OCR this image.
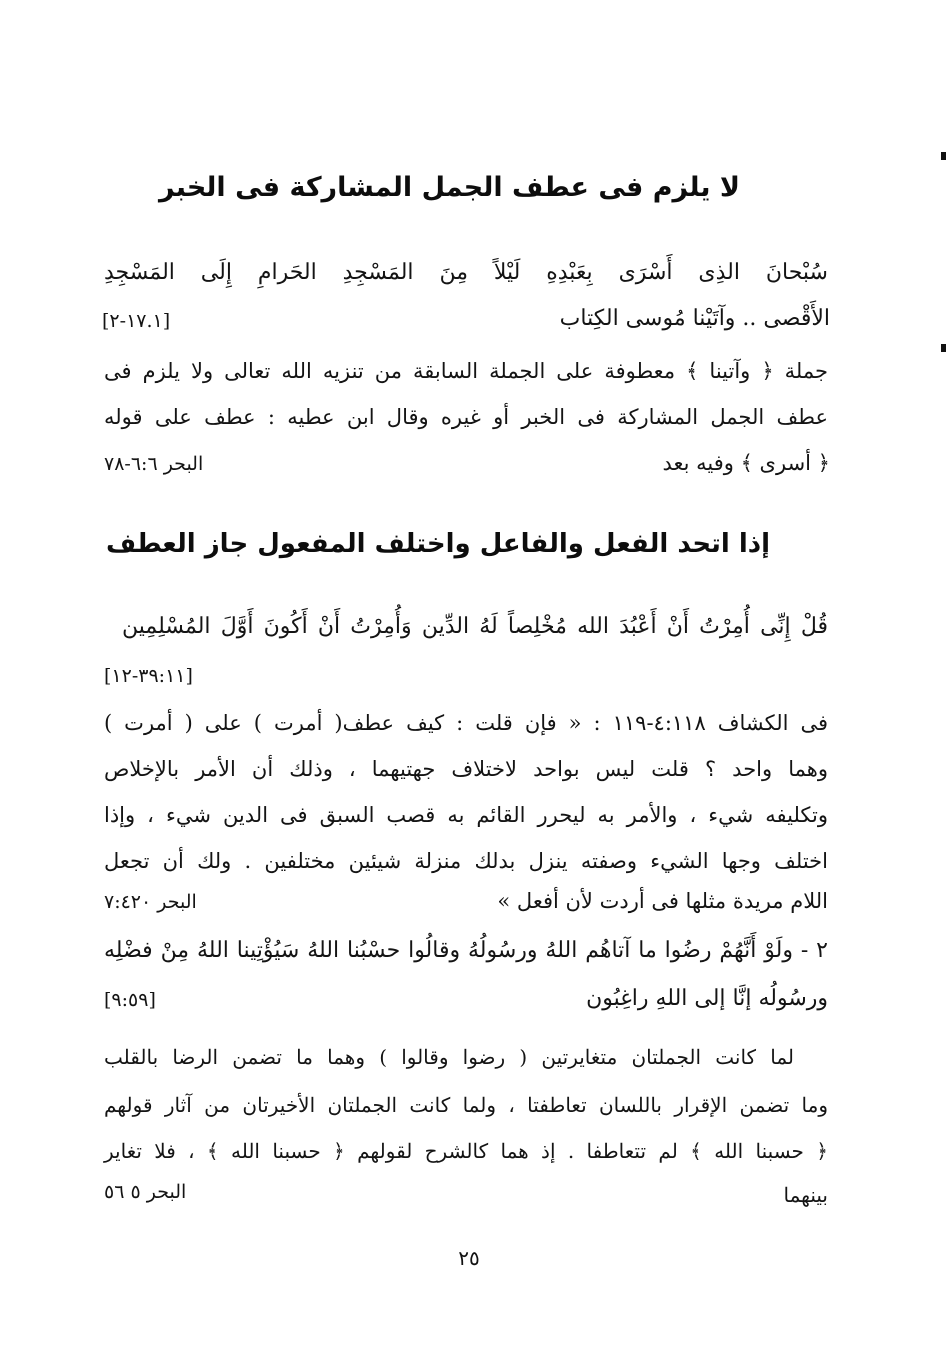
لا يلزم فى عطف الجمل المشاركة فى الخبر
سُبْحانَ الذِى أَسْرَى بِعَبْدِهِ لَيْلاً مِنَ المَسْجِدِ الحَرامِ إِلَى المَسْجِدِ
الأَقْصى .. وآتَيْنا مُوسى الكِتاب
[١٧.١-٢]
جملة ﴿ وآتينا ﴾ معطوفة على الجملة السابقة من تنزيه الله تعالى ولا يلزم فى
عطف الجمل المشاركة فى الخبر أو غيره وقال ابن عطيه : عطف على قوله
﴿ أسرى ﴾ وفيه بعد
البحر ٦:٦-٧٨
إذا اتحد الفعل والفاعل واختلف المفعول جاز العطف
قُلْ إِنِّى أُمِرْتُ أَنْ أَعْبُدَ الله مُخْلِصاً لَهُ الدِّين وَأُمِرْتُ أَنْ أَكُونَ أَوَّلَ المُسْلِمِين
[٣٩:١١-١٢]
فى الكشاف ٤:١١٨-١١٩ : « فإن قلت : كيف عطف( أمرت ) على ( أمرت )
وهما واحد ؟ قلت ليس بواحد لاختلاف جهتيهما ، وذلك أن الأمر بالإخلاص
وتكليفه شيء ، والأمر به ليحرر القائم به قصب السبق فى الدين شيء ، وإذا
اختلف وجها الشيء وصفته ينزل بدلك منزلة شيئين مختلفين . ولك أن تجعل
اللام مريدة مثلها فى أردت لأن أفعل »
البحر ٧:٤٢٠
٢ - ولَوْ أَنَّهُمْ رضُوا ما آتاهُم اللهُ ورسُولُهُ وقالُوا حسْبُنا اللهُ سَيُؤْتِينا اللهُ مِنْ فضْلِه
ورسُولُه إنَّا إلى اللهِ راغِبُون
[٩:٥٩]
لما كانت الجملتان متغايرتين ( رضوا وقالوا ) وهما ما تضمن الرضا بالقلب
وما تضمن الإقرار باللسان تعاطفتا ، ولما كانت الجملتان الأخيرتان من آثار قولهم
﴿ حسبنا الله ﴾ لم تتعاطفا . إذ هما كالشرح لقولهم ﴿ حسبنا الله ﴾ ، فلا تغاير
بينهما
البحر ٥ ٥٦
٢٥
